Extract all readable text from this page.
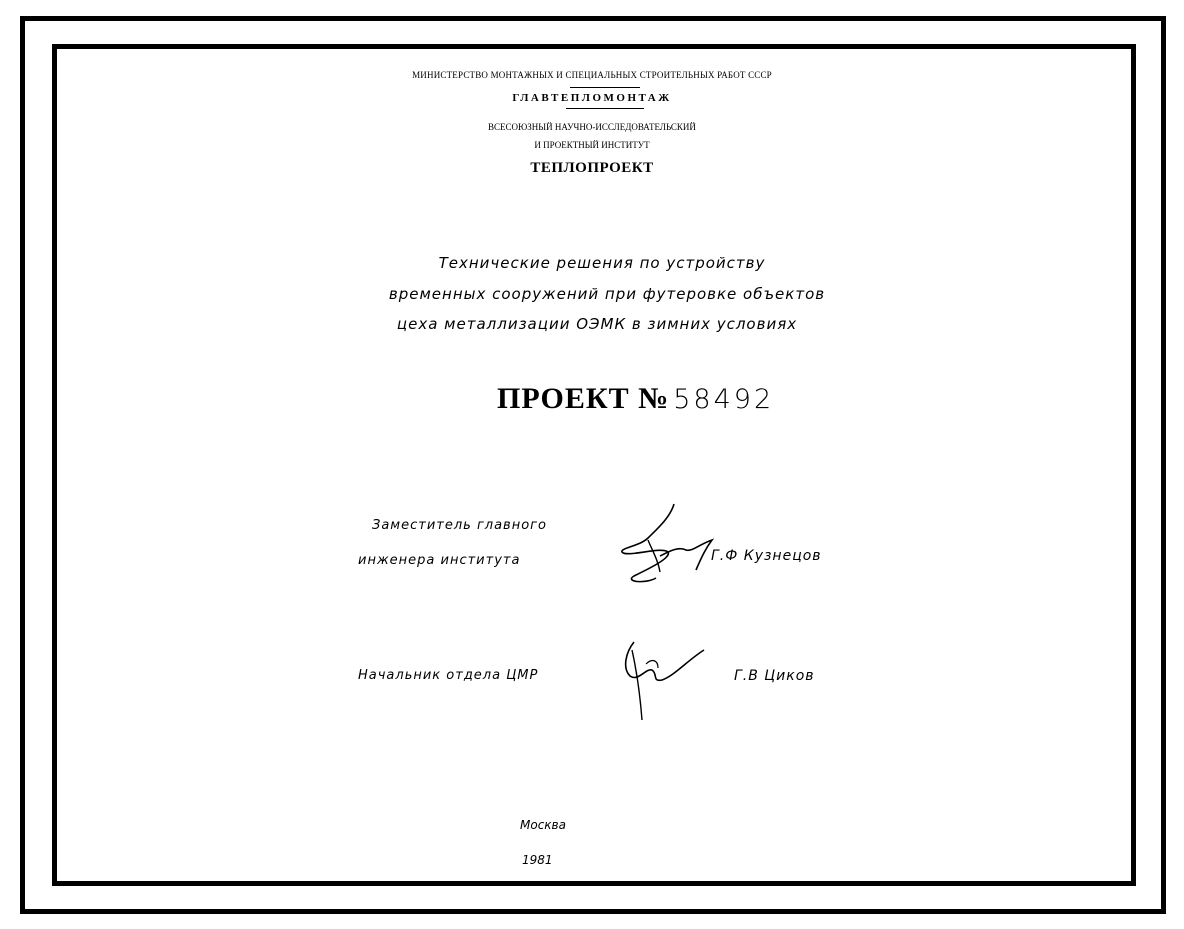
МИНИСТЕРСТВО МОНТАЖНЫХ И СПЕЦИАЛЬНЫХ СТРОИТЕЛЬНЫХ РАБОТ СССР
ГЛАВТЕПЛОМОНТАЖ
ВСЕСОЮЗНЫЙ НАУЧНО-ИССЛЕДОВАТЕЛЬСКИЙ
И ПРОЕКТНЫЙ ИНСТИТУТ
ТЕПЛОПРОЕКТ
Технические решения по устройству
временных сооружений при футеровке объектов
цеха металлизации ОЭМК в зимних условиях
ПРОЕКТ № 58492
Заместитель главного
инженера института	Г.Ф Кузнецов
Начальник отдела ЦМР	Г.В Циков
Москва
1981
